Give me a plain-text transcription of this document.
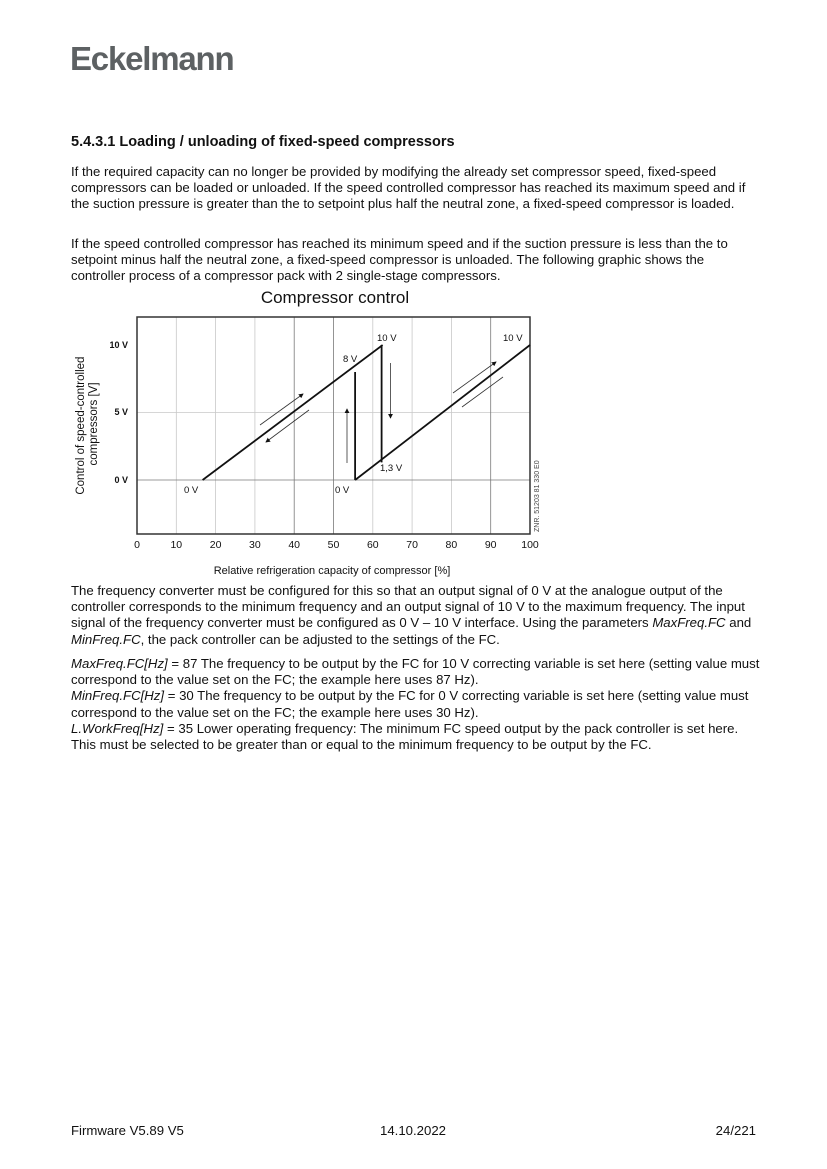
Eckelmann
5.4.3.1 Loading / unloading of fixed-speed compressors

If the required capacity can no longer be provided by modifying the already set compressor speed, fixed-speed compressors can be loaded or unloaded. If the speed controlled compressor has reached its maximum speed and if the suction pressure is greater than the to setpoint plus half the neutral zone, a fixed-speed compressor is loaded.

If the speed controlled compressor has reached its minimum speed and if the suction pressure is less than the to setpoint minus half the neutral zone, a fixed-speed compressor is unloaded. The following graphic shows the controller process of a compressor pack with 2 single-stage compressors.

Compressor control
10 V
5 V
0 V
Control of speed-controlled compressors [V]
0	10	20	30	40	50	60	70	80	90 100
Relative refrigeration capacity of compressor [%]
0 V
8 V
10 V
0 V
1,3 V
10 V
ZNR. 51203 81 330 E0

The frequency converter must be configured for this so that an output signal of 0 V at the analogue output of the controller corresponds to the minimum frequency and an output signal of 10 V to the maximum frequency. The input signal of the frequency converter must be configured as 0 V – 10 V interface. Using the parameters MaxFreq.FC and MinFreq.FC, the pack controller can be adjusted to the settings of the FC.

MaxFreq.FC[Hz] = 87 The frequency to be output by the FC for 10 V correcting variable is set here (setting value must correspond to the value set on the FC; the example here uses 87 Hz).
MinFreq.FC[Hz] = 30 The frequency to be output by the FC for 0 V correcting variable is set here (setting value must correspond to the value set on the FC; the example here uses 30 Hz).
L.WorkFreq[Hz] = 35 Lower operating frequency: The minimum FC speed output by the pack controller is set here. This must be selected to be greater than or equal to the minimum frequency to be output by the FC.
Firmware V5.89 V5	14.10.2022	24/221
